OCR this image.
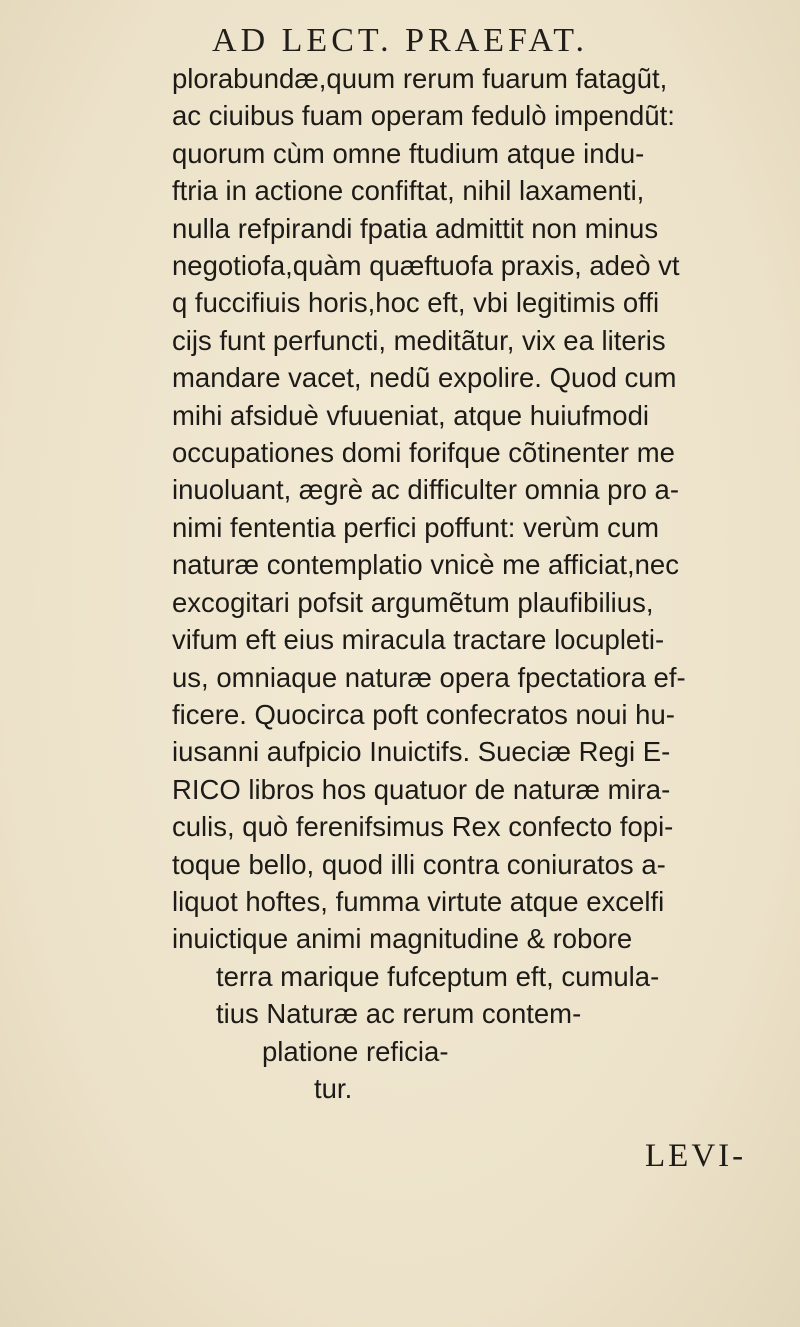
AD LECT. PRAEFAT.
plorabundæ,quum rerum fuarum fatagũt,
ac ciuibus fuam operam fedulò impendũt:
quorum cùm omne ftudium atque indu-
ftria in actione confiftat, nihil laxamenti,
nulla refpirandi fpatia admittit non minus
negotiofa,quàm quæftuofa praxis, adeò vt
q fuccifiuis horis,hoc eft, vbi legitimis offi
cijs funt perfuncti, meditãtur, vix ea literis
mandare vacet, nedũ expolire. Quod cum
mihi afsiduè vfuueniat, atque huiufmodi
occupationes domi forifque cõtinenter me
inuoluant, ægrè ac difficulter omnia pro a-
nimi fententia perfici poffunt: verùm cum
naturæ contemplatio vnicè me afficiat,nec
excogitari pofsit argumẽtum plaufibilius,
vifum eft eius miracula tractare locupleti-
us, omniaque naturæ opera fpectatiora ef-
ficere. Quocirca poft confecratos noui hu-
iusanni aufpicio Inuictifs. Sueciæ Regi E-
RICO libros hos quatuor de naturæ mira-
culis, quò ferenifsimus Rex confecto fopi-
toque bello, quod illi contra coniuratos a-
liquot hoftes, fumma virtute atque excelfi
inuictique animi magnitudine & robore
terra marique fufceptum eft, cumula-
tius Naturæ ac rerum contem-
platione reficia-
tur.
LEVI-
